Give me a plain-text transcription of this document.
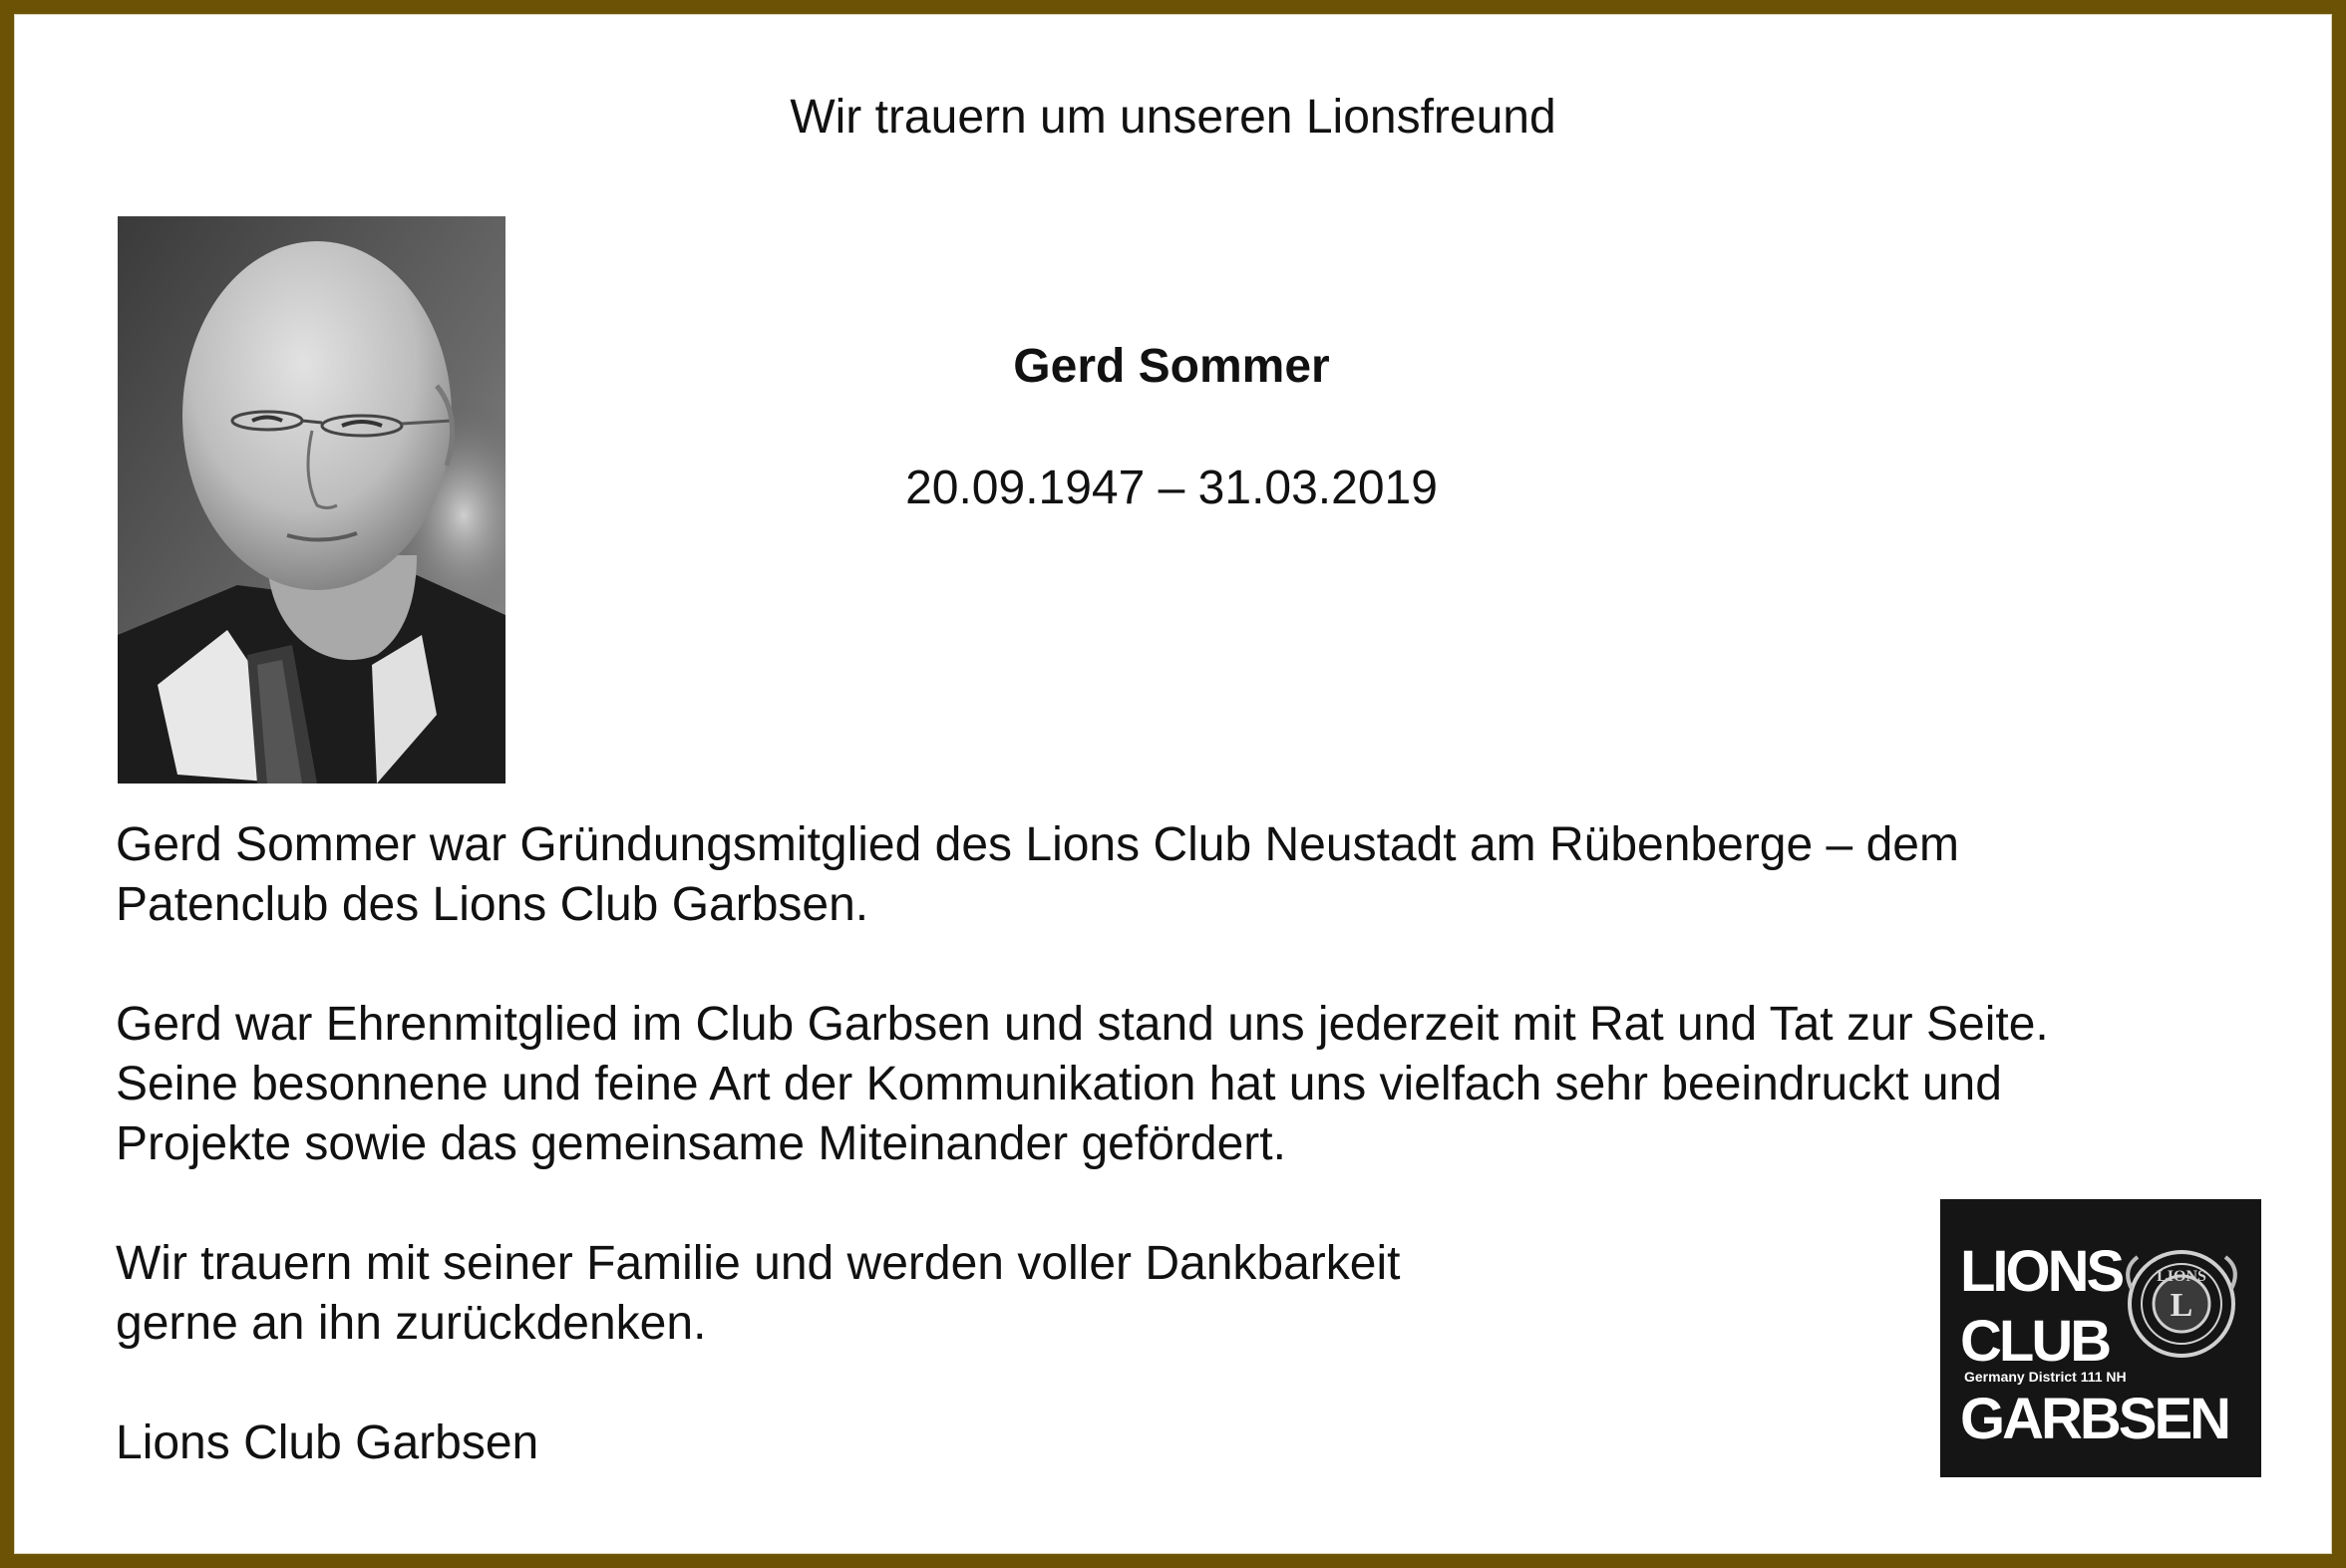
Wir trauern um unseren Lionsfreund
Gerd Sommer
20.09.1947 – 31.03.2019

Gerd Sommer war Gründungsmitglied des Lions Club Neustadt am Rübenberge – dem
Patenclub des Lions Club Garbsen.

Gerd war Ehrenmitglied im Club Garbsen und stand uns jederzeit mit Rat und Tat zur Seite.
Seine besonnene und feine Art der Kommunikation hat uns vielfach sehr beeindruckt und
Projekte sowie das gemeinsame Miteinander gefördert.

Wir trauern mit seiner Familie und werden voller Dankbarkeit
gerne an ihn zurückdenken.

Lions Club Garbsen

LIONS
CLUB
Germany District 111 NH
GARBSEN
LIONS
L
